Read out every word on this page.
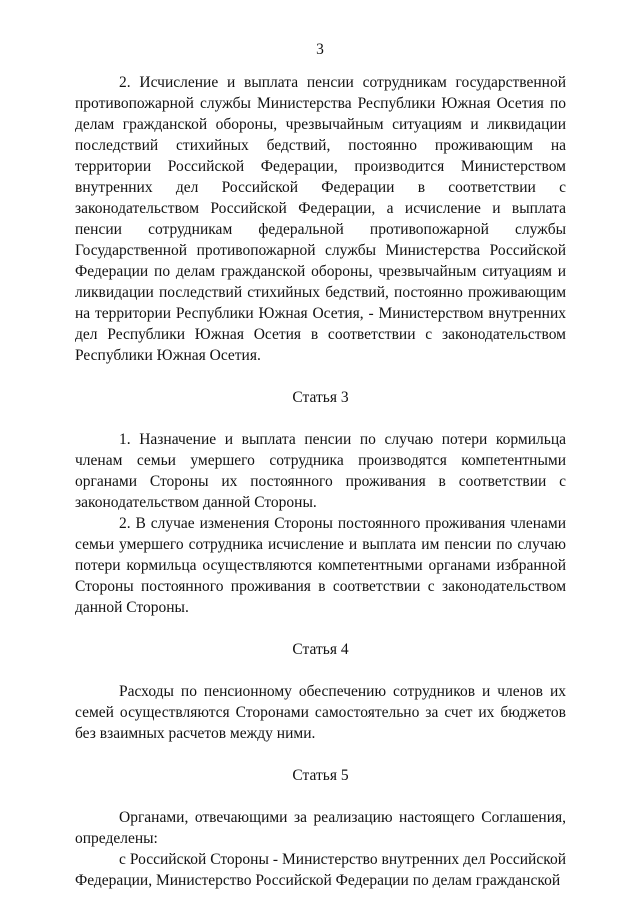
3

2. Исчисление и выплата пенсии сотрудникам государственной противопожарной службы Министерства Республики Южная Осетия по делам гражданской обороны, чрезвычайным ситуациям и ликвидации последствий стихийных бедствий, постоянно проживающим на территории Российской Федерации, производится Министерством внутренних дел Российской Федерации в соответствии с законодательством Российской Федерации, а исчисление и выплата пенсии сотрудникам федеральной противопожарной службы Государственной противопожарной службы Министерства Российской Федерации по делам гражданской обороны, чрезвычайным ситуациям и ликвидации последствий стихийных бедствий, постоянно проживающим на территории Республики Южная Осетия, - Министерством внутренних дел Республики Южная Осетия в соответствии с законодательством Республики Южная Осетия.

Статья 3

1. Назначение и выплата пенсии по случаю потери кормильца членам семьи умершего сотрудника производятся компетентными органами Стороны их постоянного проживания в соответствии с законодательством данной Стороны.

2. В случае изменения Стороны постоянного проживания членами семьи умершего сотрудника исчисление и выплата им пенсии по случаю потери кормильца осуществляются компетентными органами избранной Стороны постоянного проживания в соответствии с законодательством данной Стороны.

Статья 4

Расходы по пенсионному обеспечению сотрудников и членов их семей осуществляются Сторонами самостоятельно за счет их бюджетов без взаимных расчетов между ними.

Статья 5

Органами, отвечающими за реализацию настоящего Соглашения, определены:

с Российской Стороны - Министерство внутренних дел Российской Федерации, Министерство Российской Федерации по делам гражданской
